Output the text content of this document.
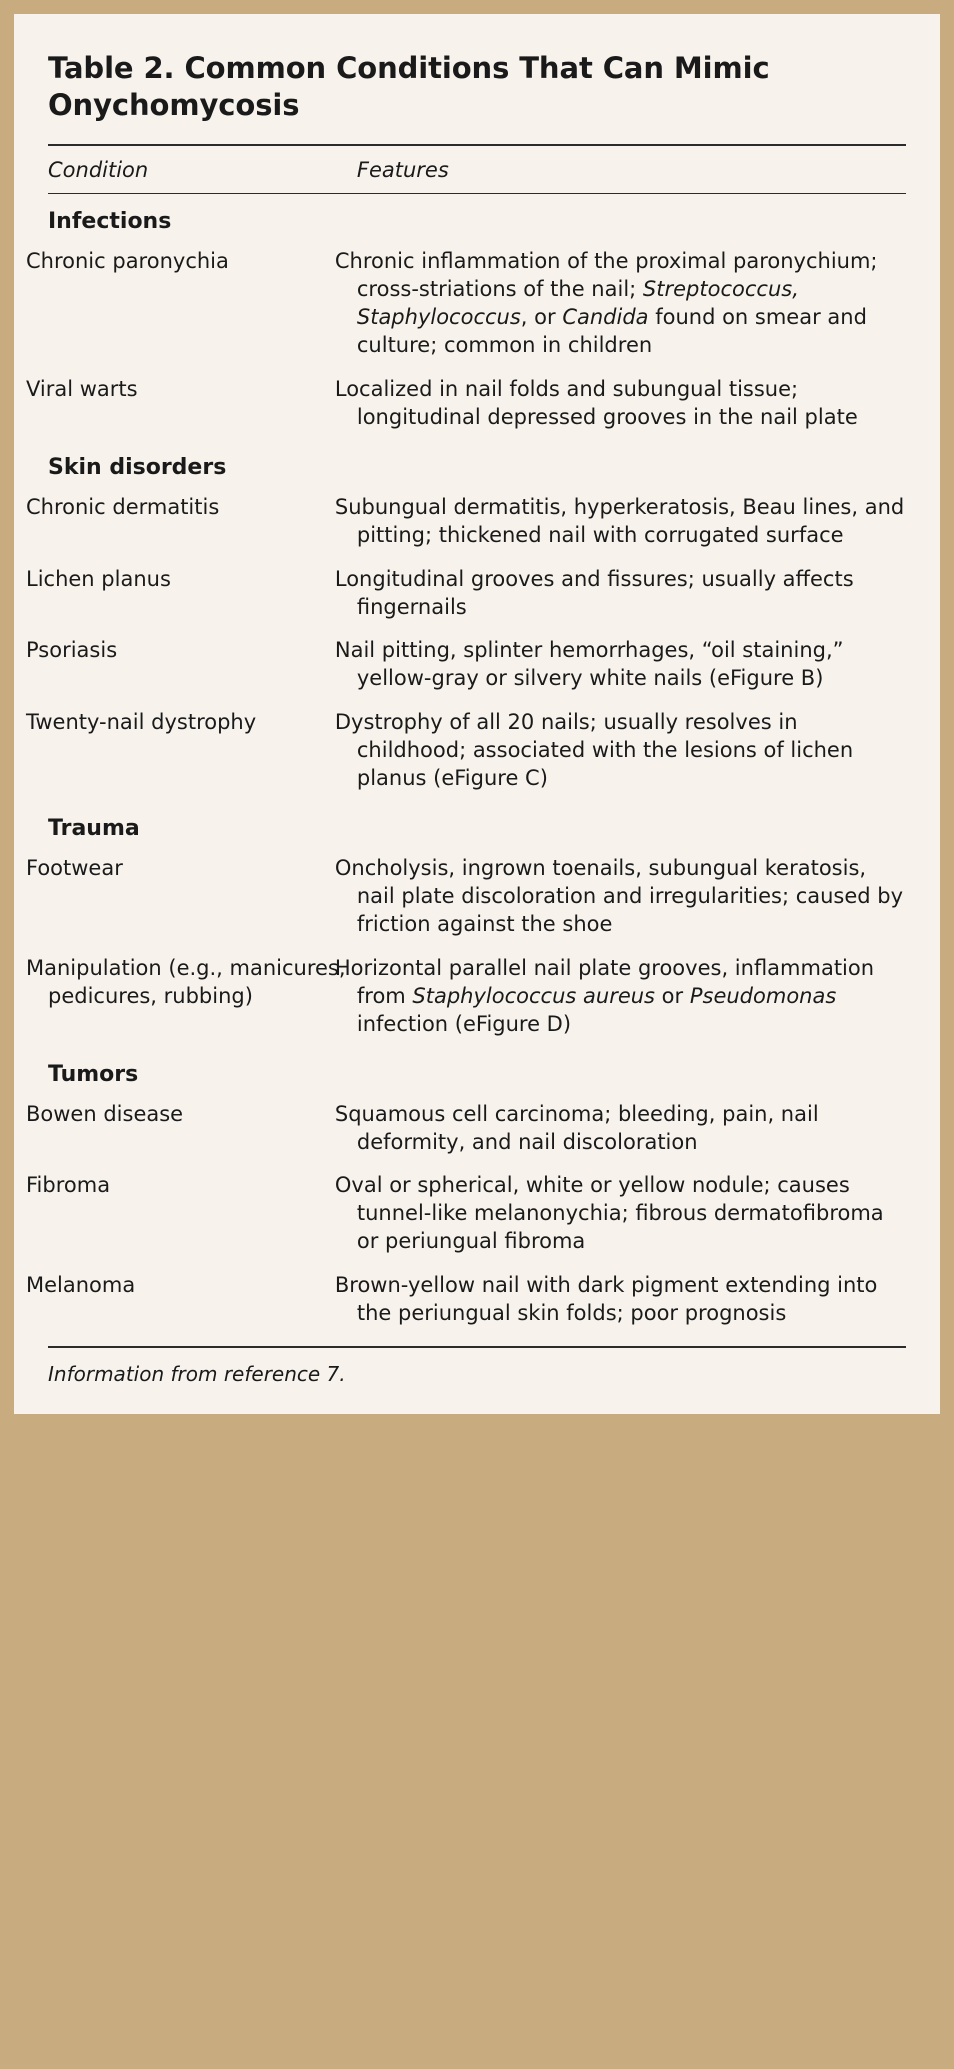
Table 2. Common Conditions That Can Mimic Onychomycosis
Condition	Features
Infections	
Chronic paronychia	Chronic inflammation of the proximal paronychium; cross-striations of the nail; Streptococcus, Staphylococcus, or Candida found on smear and culture; common in children
Viral warts	Localized in nail folds and subungual tissue; longitudinal depressed grooves in the nail plate
Skin disorders	
Chronic dermatitis	Subungual dermatitis, hyperkeratosis, Beau lines, and pitting; thickened nail with corrugated surface
Lichen planus	Longitudinal grooves and fissures; usually affects fingernails
Psoriasis	Nail pitting, splinter hemorrhages, “oil staining,” yellow-gray or silvery white nails (eFigure B)
Twenty-nail dystrophy	Dystrophy of all 20 nails; usually resolves in childhood; associated with the lesions of lichen planus (eFigure C)
Trauma	
Footwear	Oncholysis, ingrown toenails, subungual keratosis, nail plate discoloration and irregularities; caused by friction against the shoe
Manipulation (e.g., manicures, pedicures, rubbing)	Horizontal parallel nail plate grooves, inflammation from Staphylococcus aureus or Pseudomonas infection (eFigure D)
Tumors	
Bowen disease	Squamous cell carcinoma; bleeding, pain, nail deformity, and nail discoloration
Fibroma	Oval or spherical, white or yellow nodule; causes tunnel-like melanonychia; fibrous dermatofibroma or periungual fibroma
Melanoma	Brown-yellow nail with dark pigment extending into the periungual skin folds; poor prognosis
Information from reference 7.
